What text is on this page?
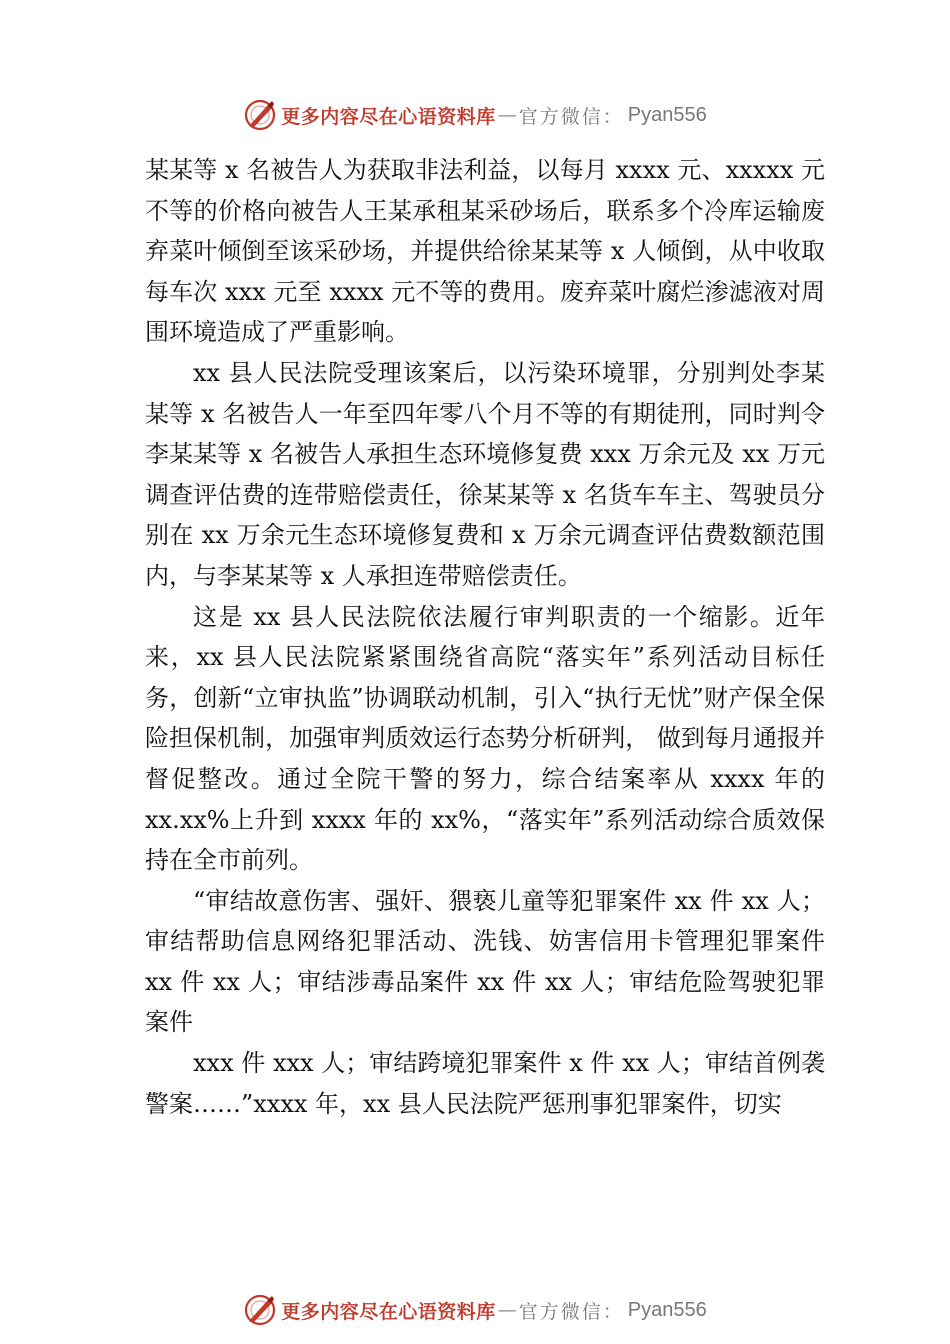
更多内容尽在心语资料库 — 官方微信： Pyan556

某某等 x 名被告人为获取非法利益，以每月 xxxx 元、xxxxx 元不等的价格向被告人王某承租某采砂场后，联系多个冷库运输废弃菜叶倾倒至该采砂场，并提供给徐某某等 x 人倾倒，从中收取每车次 xxx 元至 xxxx 元不等的费用。废弃菜叶腐烂渗滤液对周围环境造成了严重影响。

xx 县人民法院受理该案后，以污染环境罪，分别判处李某某等 x 名被告人一年至四年零八个月不等的有期徒刑，同时判令李某某等 x 名被告人承担生态环境修复费 xxx 万余元及 xx 万元调查评估费的连带赔偿责任，徐某某等 x 名货车车主、驾驶员分别在 xx 万余元生态环境修复费和 x 万余元调查评估费数额范围内，与李某某等 x 人承担连带赔偿责任。

这是 xx 县人民法院依法履行审判职责的一个缩影。近年来，xx 县人民法院紧紧围绕省高院“落实年”系列活动目标任务，创新“立审执监”协调联动机制，引入“执行无忧”财产保全保险担保机制，加强审判质效运行态势分析研判， 做到每月通报并督促整改。通过全院干警的努力，综合结案率从 xxxx 年的 xx.xx%上升到 xxxx 年的 xx%，“落实年”系列活动综合质效保持在全市前列。

“审结故意伤害、强奸、猥亵儿童等犯罪案件 xx 件 xx 人；审结帮助信息网络犯罪活动、洗钱、妨害信用卡管理犯罪案件 xx 件 xx 人；审结涉毒品案件 xx 件 xx 人；审结危险驾驶犯罪案件

xxx 件 xxx 人；审结跨境犯罪案件 x 件 xx 人；审结首例袭警案……”xxxx 年，xx 县人民法院严惩刑事犯罪案件，切实

更多内容尽在心语资料库 — 官方微信： Pyan556
